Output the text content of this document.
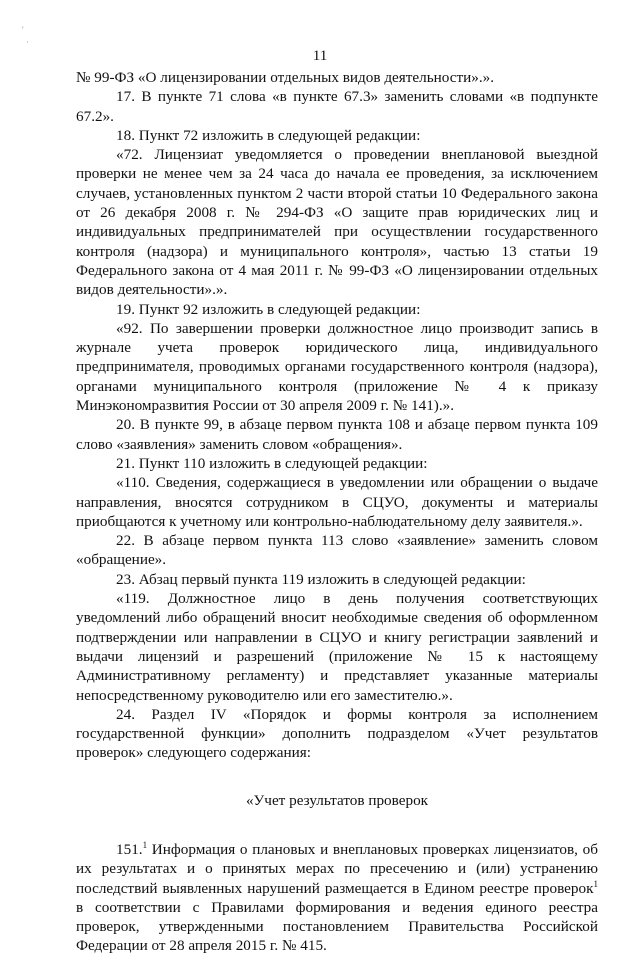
'
·
11

№ 99-ФЗ «О лицензировании отдельных видов деятельности».».

17. В пункте 71 слова «в пункте 67.3» заменить словами «в подпункте 67.2».

18. Пункт 72 изложить в следующей редакции:

«72. Лицензиат уведомляется о проведении внеплановой выездной проверки не менее чем за 24 часа до начала ее проведения, за исключением случаев, установленных пунктом 2 части второй статьи 10 Федерального закона от 26 декабря 2008 г. № 294-ФЗ «О защите прав юридических лиц и индивидуальных предпринимателей при осуществлении государственного контроля (надзора) и муниципального контроля», частью 13 статьи 19 Федерального закона от 4 мая 2011 г. № 99-ФЗ «О лицензировании отдельных видов деятельности».».

19. Пункт 92 изложить в следующей редакции:

«92. По завершении проверки должностное лицо производит запись в журнале учета проверок юридического лица, индивидуального предпринимателя, проводимых органами государственного контроля (надзора), органами муниципального контроля (приложение № 4 к приказу Минэкономразвития России от 30 апреля 2009 г. № 141).».

20. В пункте 99, в абзаце первом пункта 108 и абзаце первом пункта 109 слово «заявления» заменить словом «обращения».

21. Пункт 110 изложить в следующей редакции:

«110. Сведения, содержащиеся в уведомлении или обращении о выдаче направления, вносятся сотрудником в СЦУО, документы и материалы приобщаются к учетному или контрольно-наблюдательному делу заявителя.».

22. В абзаце первом пункта 113 слово «заявление» заменить словом «обращение».

23. Абзац первый пункта 119 изложить в следующей редакции:

«119. Должностное лицо в день получения соответствующих уведомлений либо обращений вносит необходимые сведения об оформленном подтверждении или направлении в СЦУО и книгу регистрации заявлений и выдачи лицензий и разрешений (приложение № 15 к настоящему Административному регламенту) и представляет указанные материалы непосредственному руководителю или его заместителю.».

24. Раздел IV «Порядок и формы контроля за исполнением государственной функции» дополнить подразделом «Учет результатов проверок» следующего содержания:

«Учет результатов проверок

151.$^1$ Информация о плановых и внеплановых проверках лицензиатов, об их результатах и о принятых мерах по пресечению и (или) устранению последствий выявленных нарушений размещается в Едином реестре проверок$^1$ в соответствии с Правилами формирования и ведения единого реестра проверок, утвержденными постановлением Правительства Российской Федерации от 28 апреля 2015 г. № 415.
